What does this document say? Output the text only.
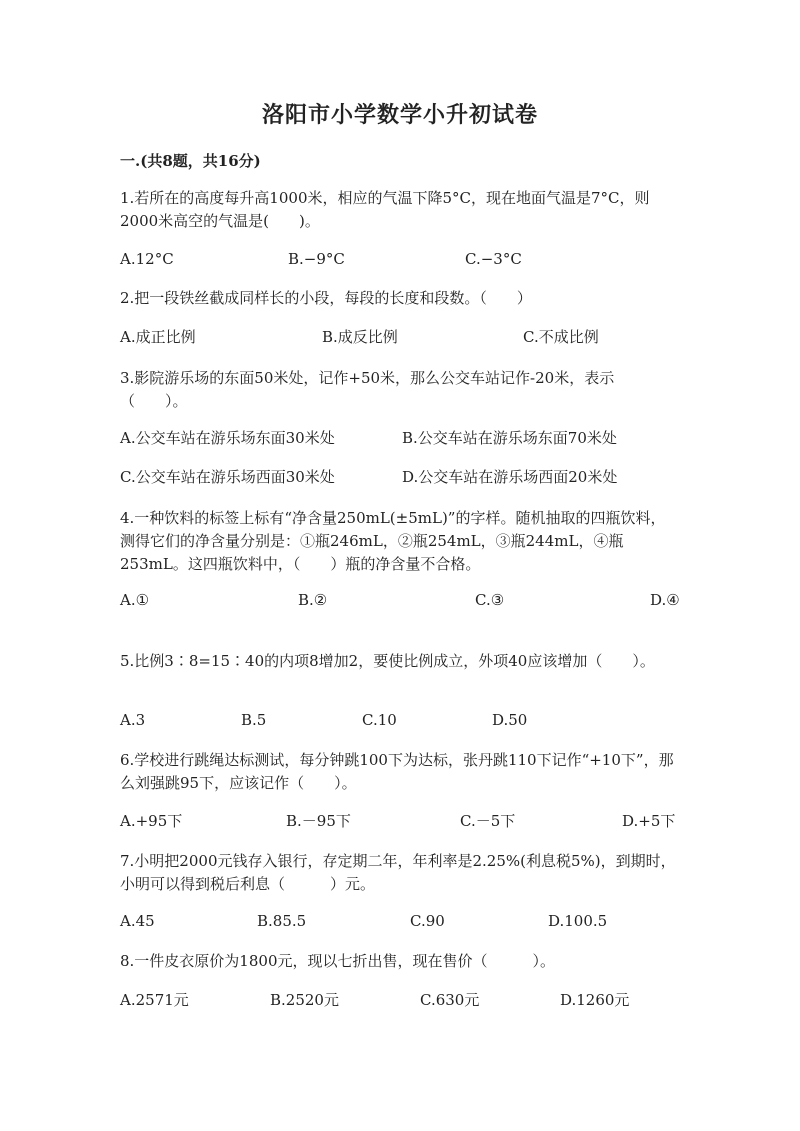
洛阳市小学数学小升初试卷
一.(共8题，共16分)
1.若所在的高度每升高1000米，相应的气温下降5°C，现在地面气温是7°C，则2000米高空的气温是(　　)。
A.12°C	B.−9°C	C.−3°C
2.把一段铁丝截成同样长的小段，每段的长度和段数。（　　）
A.成正比例	B.成反比例	C.不成比例
3.影院游乐场的东面50米处，记作+50米，那么公交车站记作-20米，表示（　　）。
A.公交车站在游乐场东面30米处	B.公交车站在游乐场东面70米处
C.公交车站在游乐场西面30米处	D.公交车站在游乐场西面20米处
4.一种饮料的标签上标有“净含量250mL(±5mL)”的字样。随机抽取的四瓶饮料，测得它们的净含量分别是：①瓶246mL，②瓶254mL，③瓶244mL，④瓶253mL。这四瓶饮料中，（　　）瓶的净含量不合格。
A.①	B.②	C.③	D.④
5.比例3∶8=15∶40的内项8增加2，要使比例成立，外项40应该增加（　　）。
A.3	B.5	C.10	D.50
6.学校进行跳绳达标测试，每分钟跳100下为达标，张丹跳110下记作“+10下”，那么刘强跳95下，应该记作（　　）。
A.+95下	B.－95下	C.－5下	D.+5下
7.小明把2000元钱存入银行，存定期二年，年利率是2.25%(利息税5%)，到期时，小明可以得到税后利息（　　　）元。
A.45	B.85.5	C.90	D.100.5
8.一件皮衣原价为1800元，现以七折出售，现在售价（　　　）。
A.2571元	B.2520元	C.630元	D.1260元
